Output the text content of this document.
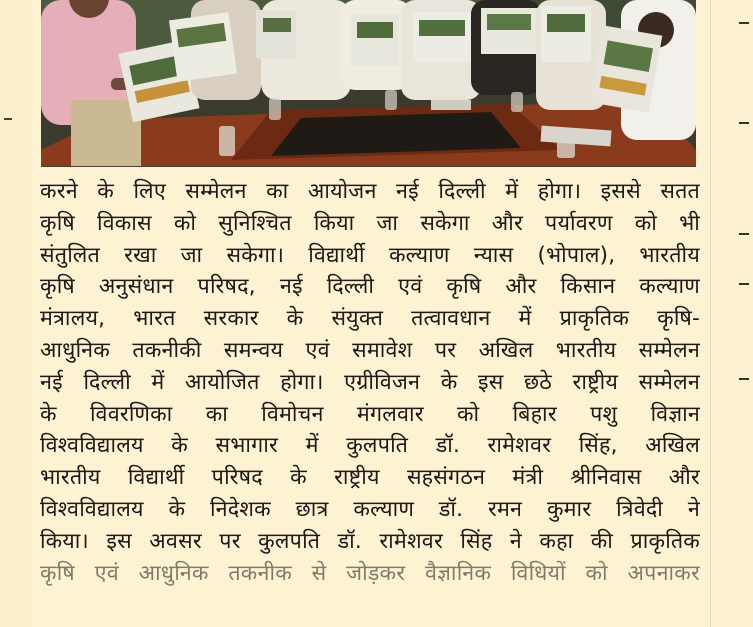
करने के लिए सम्मेलन का आयोजन नई दिल्ली में होगा। इससे सतत
कृषि विकास को सुनिश्चित किया जा सकेगा और पर्यावरण को भी
संतुलित रखा जा सकेगा। विद्यार्थी कल्याण न्यास (भोपाल), भारतीय
कृषि अनुसंधान परिषद, नई दिल्ली एवं कृषि और किसान कल्याण
मंत्रालय, भारत सरकार के संयुक्त तत्वावधान में प्राकृतिक कृषि-
आधुनिक तकनीकी समन्वय एवं समावेश पर अखिल भारतीय सम्मेलन
नई दिल्ली में आयोजित होगा। एग्रीविजन के इस छठे राष्ट्रीय सम्मेलन
के विवरणिका का विमोचन मंगलवार को बिहार पशु विज्ञान
विश्वविद्यालय के सभागार में कुलपति डॉ. रामेशवर सिंह, अखिल
भारतीय विद्यार्थी परिषद के राष्ट्रीय सहसंगठन मंत्री श्रीनिवास और
विश्वविद्यालय के निदेशक छात्र कल्याण डॉ. रमन कुमार त्रिवेदी ने
किया। इस अवसर पर कुलपति डॉ. रामेशवर सिंह ने कहा की प्राकृतिक
कृषि एवं आधुनिक तकनीक से जोड़कर वैज्ञानिक विधियों को अपनाकर
